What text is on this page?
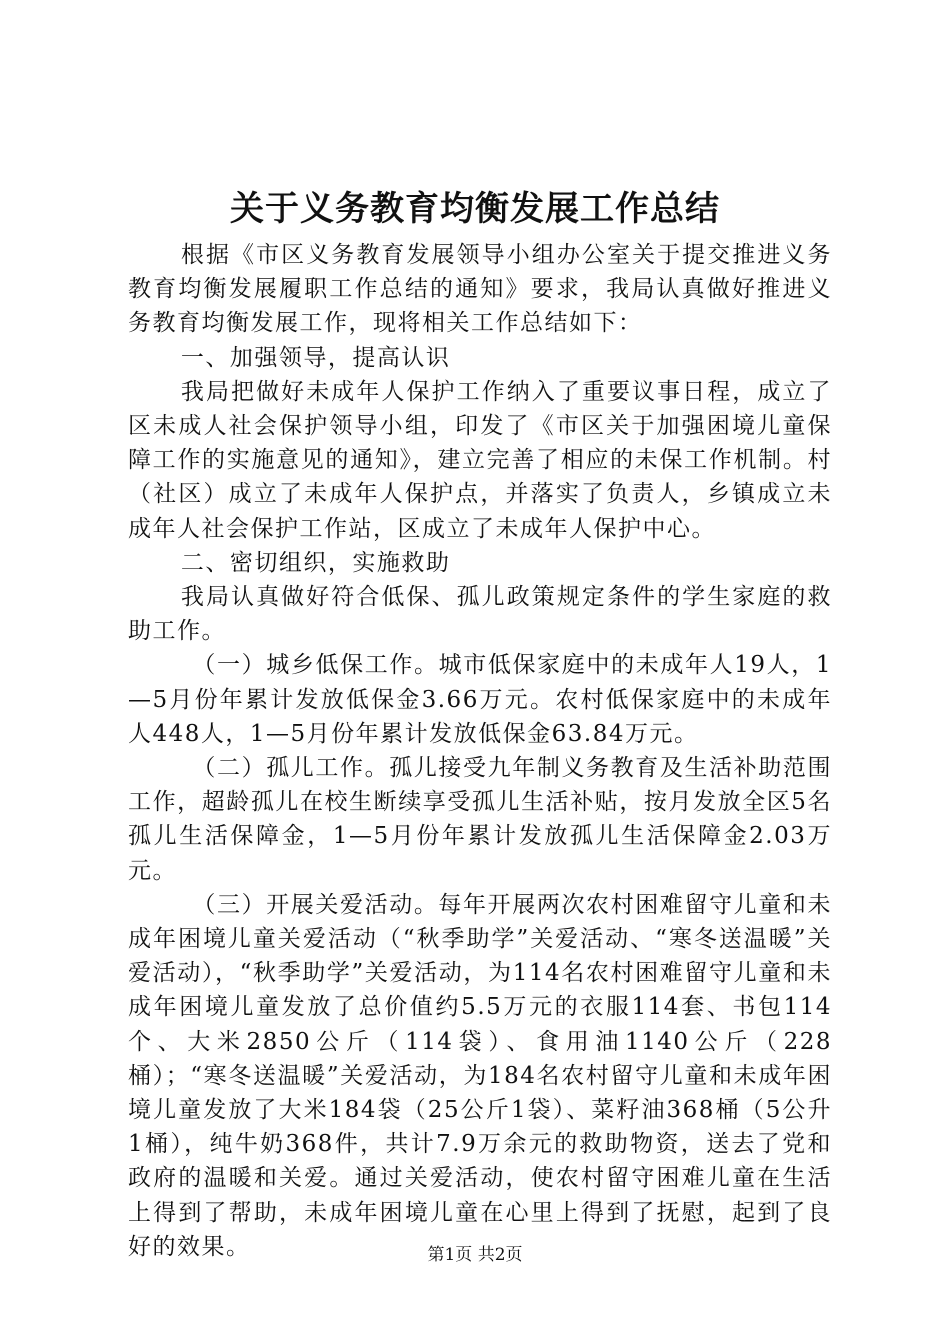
关于义务教育均衡发展工作总结

根据《市区义务教育发展领导小组办公室关于提交推进义务教育均衡发展履职工作总结的通知》要求，我局认真做好推进义务教育均衡发展工作，现将相关工作总结如下：

一、加强领导，提高认识

我局把做好未成年人保护工作纳入了重要议事日程，成立了区未成人社会保护领导小组，印发了《市区关于加强困境儿童保障工作的实施意见的通知》，建立完善了相应的未保工作机制。村（社区）成立了未成年人保护点，并落实了负责人，乡镇成立未成年人社会保护工作站，区成立了未成年人保护中心。

二、密切组织，实施救助

我局认真做好符合低保、孤儿政策规定条件的学生家庭的救助工作。

（一）城乡低保工作。城市低保家庭中的未成年人19人，1—5月份年累计发放低保金3.66万元。农村低保家庭中的未成年人448人，1—5月份年累计发放低保金63.84万元。

（二）孤儿工作。孤儿接受九年制义务教育及生活补助范围工作，超龄孤儿在校生断续享受孤儿生活补贴，按月发放全区5名孤儿生活保障金，1—5月份年累计发放孤儿生活保障金2.03万元。

（三）开展关爱活动。每年开展两次农村困难留守儿童和未成年困境儿童关爱活动（“秋季助学”关爱活动、“寒冬送温暖”关爱活动），“秋季助学”关爱活动，为114名农村困难留守儿童和未成年困境儿童发放了总价值约5.5万元的衣服114套、书包114个、大米2850公斤（114袋）、食用油1140公斤（228桶）；“寒冬送温暖”关爱活动，为184名农村留守儿童和未成年困境儿童发放了大米184袋（25公斤1袋）、菜籽油368桶（5公升1桶），纯牛奶368件，共计7.9万余元的救助物资，送去了党和政府的温暖和关爱。通过关爱活动，使农村留守困难儿童在生活上得到了帮助，未成年困境儿童在心里上得到了抚慰，起到了良好的效果。	第1页 共2页
